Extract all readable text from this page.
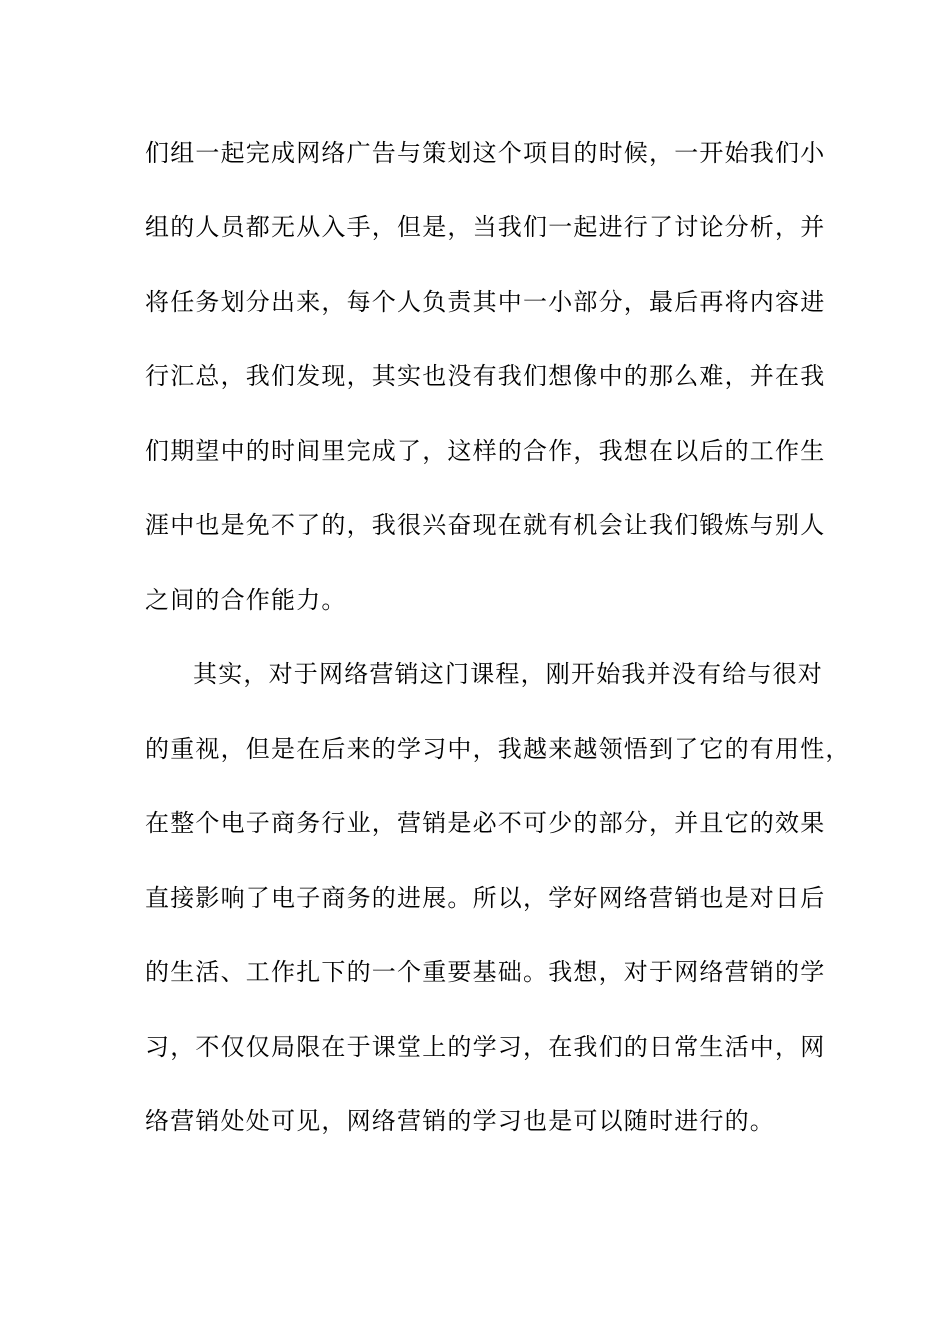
们组一起完成网络广告与策划这个项目的时候，一开始我们小
组的人员都无从入手，但是，当我们一起进行了讨论分析，并
将任务划分出来，每个人负责其中一小部分，最后再将内容进
行汇总，我们发现，其实也没有我们想像中的那么难，并在我
们期望中的时间里完成了，这样的合作，我想在以后的工作生
涯中也是免不了的，我很兴奋现在就有机会让我们锻炼与别人
之间的合作能力。
其实，对于网络营销这门课程，刚开始我并没有给与很对
的重视，但是在后来的学习中，我越来越领悟到了它的有用性，
在整个电子商务行业，营销是必不可少的部分，并且它的效果
直接影响了电子商务的进展。所以，学好网络营销也是对日后
的生活、工作扎下的一个重要基础。我想，对于网络营销的学
习，不仅仅局限在于课堂上的学习，在我们的日常生活中，网
络营销处处可见，网络营销的学习也是可以随时进行的。
